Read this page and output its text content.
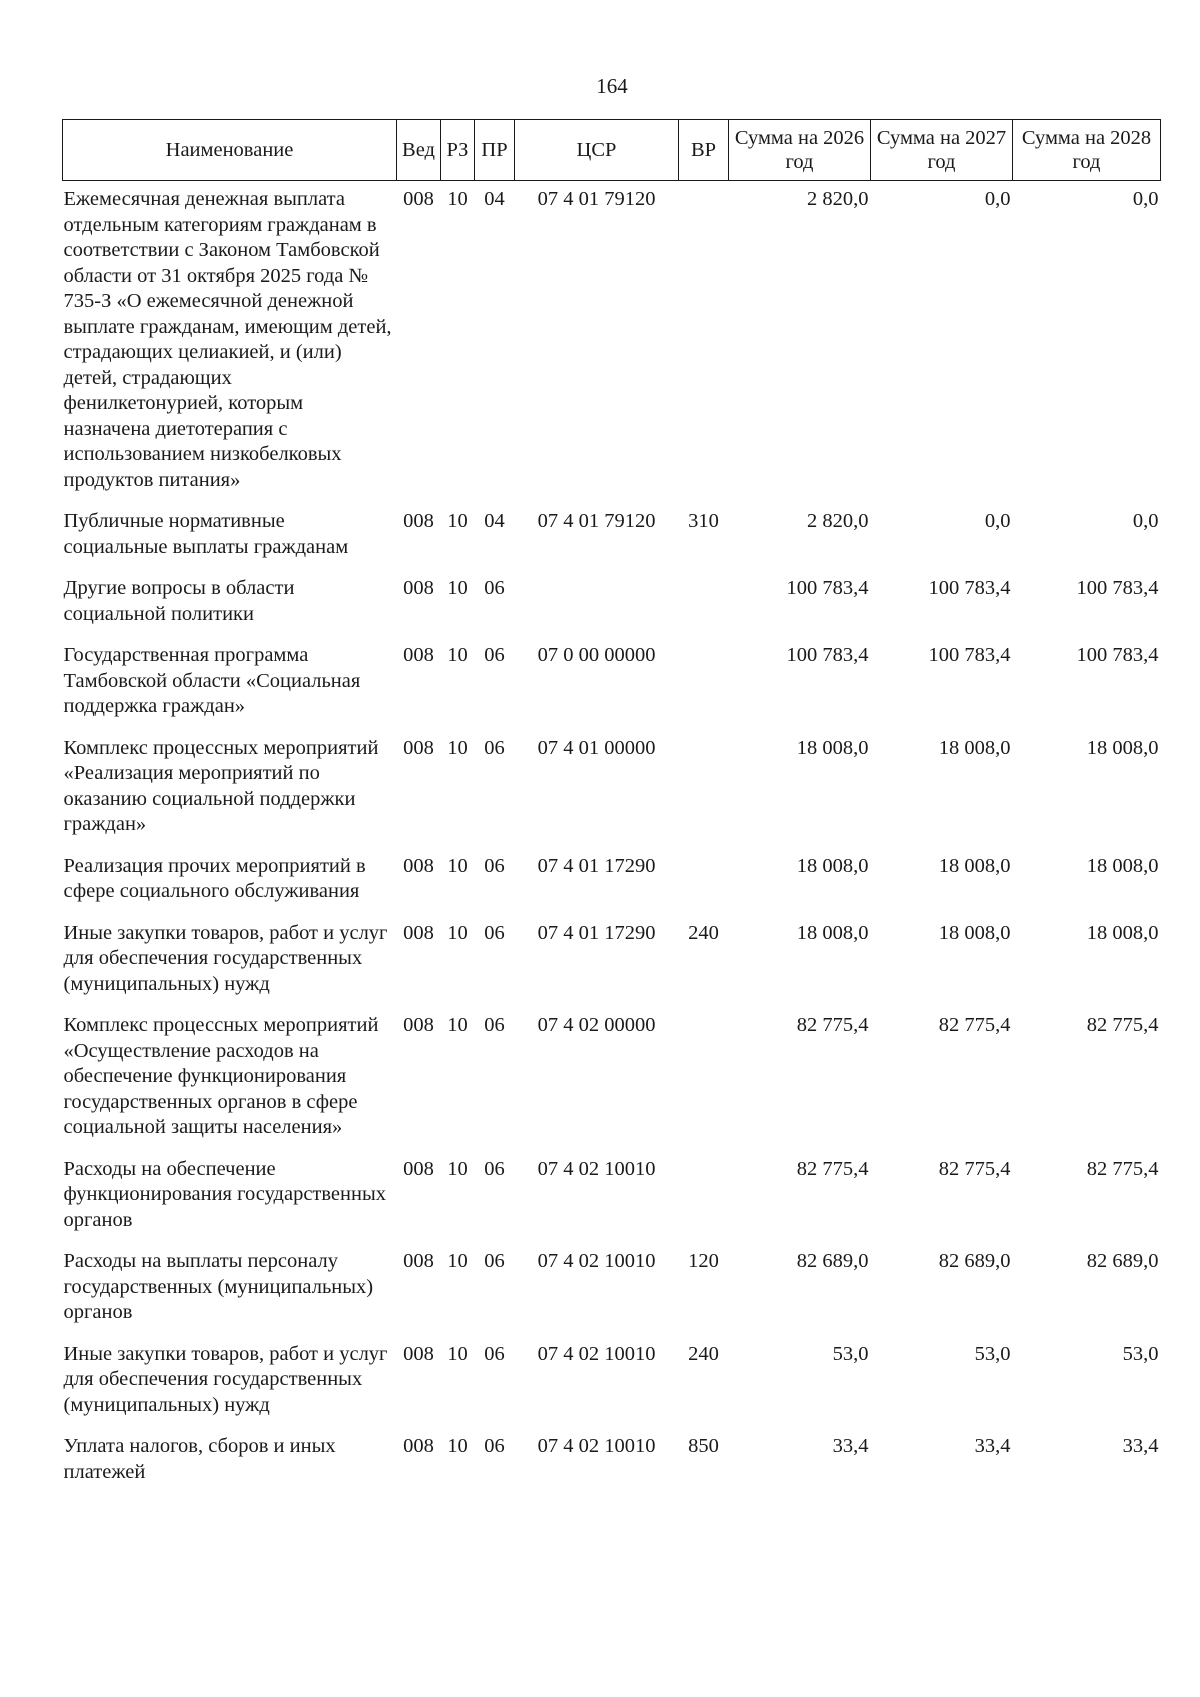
164
Наименование	Вед	РЗ	ПР	ЦСР	ВР	Сумма на 2026 год	Сумма на 2027 год	Сумма на 2028 год
Ежемесячная денежная выплата отдельным категориям гражданам в соответствии с Законом Тамбовской области от 31 октября 2025 года № 735-З «О ежемесячной денежной выплате гражданам, имеющим детей, страдающих целиакией, и (или) детей, страдающих фенилкетонурией, которым назначена диетотерапия с использованием низкобелковых продуктов питания»	008	10	04	07 4 01 79120		2 820,0	0,0	0,0
Публичные нормативные социальные выплаты гражданам	008	10	04	07 4 01 79120	310	2 820,0	0,0	0,0
Другие вопросы в области социальной политики	008	10	06			100 783,4	100 783,4	100 783,4
Государственная программа Тамбовской области «Социальная поддержка граждан»	008	10	06	07 0 00 00000		100 783,4	100 783,4	100 783,4
Комплекс процессных мероприятий «Реализация мероприятий по оказанию социальной поддержки граждан»	008	10	06	07 4 01 00000		18 008,0	18 008,0	18 008,0
Реализация прочих мероприятий в сфере социального обслуживания	008	10	06	07 4 01 17290		18 008,0	18 008,0	18 008,0
Иные закупки товаров, работ и услуг для обеспечения государственных (муниципальных) нужд	008	10	06	07 4 01 17290	240	18 008,0	18 008,0	18 008,0
Комплекс процессных мероприятий «Осуществление расходов на обеспечение функционирования государственных органов в сфере социальной защиты населения»	008	10	06	07 4 02 00000		82 775,4	82 775,4	82 775,4
Расходы на обеспечение функционирования государственных органов	008	10	06	07 4 02 10010		82 775,4	82 775,4	82 775,4
Расходы на выплаты персоналу государственных (муниципальных) органов	008	10	06	07 4 02 10010	120	82 689,0	82 689,0	82 689,0
Иные закупки товаров, работ и услуг для обеспечения государственных (муниципальных) нужд	008	10	06	07 4 02 10010	240	53,0	53,0	53,0
Уплата налогов, сборов и иных платежей	008	10	06	07 4 02 10010	850	33,4	33,4	33,4
